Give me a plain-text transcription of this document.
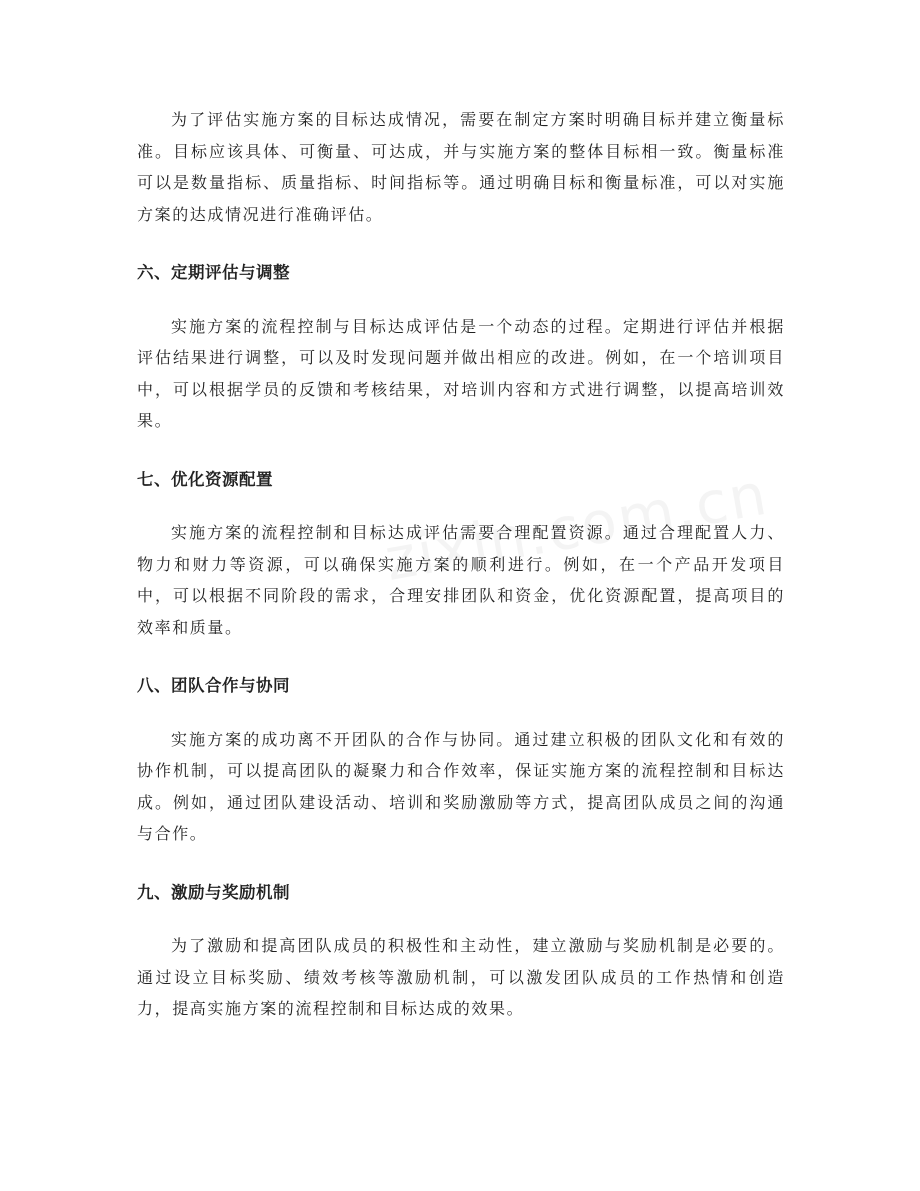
为了评估实施方案的目标达成情况，需要在制定方案时明确目标并建立衡量标准。目标应该具体、可衡量、可达成，并与实施方案的整体目标相一致。衡量标准可以是数量指标、质量指标、时间指标等。通过明确目标和衡量标准，可以对实施方案的达成情况进行准确评估。

六、定期评估与调整

实施方案的流程控制与目标达成评估是一个动态的过程。定期进行评估并根据评估结果进行调整，可以及时发现问题并做出相应的改进。例如，在一个培训项目中，可以根据学员的反馈和考核结果，对培训内容和方式进行调整，以提高培训效果。

七、优化资源配置

实施方案的流程控制和目标达成评估需要合理配置资源。通过合理配置人力、物力和财力等资源，可以确保实施方案的顺利进行。例如，在一个产品开发项目中，可以根据不同阶段的需求，合理安排团队和资金，优化资源配置，提高项目的效率和质量。

八、团队合作与协同

实施方案的成功离不开团队的合作与协同。通过建立积极的团队文化和有效的协作机制，可以提高团队的凝聚力和合作效率，保证实施方案的流程控制和目标达成。例如，通过团队建设活动、培训和奖励激励等方式，提高团队成员之间的沟通与合作。

九、激励与奖励机制

为了激励和提高团队成员的积极性和主动性，建立激励与奖励机制是必要的。通过设立目标奖励、绩效考核等激励机制，可以激发团队成员的工作热情和创造力，提高实施方案的流程控制和目标达成的效果。
